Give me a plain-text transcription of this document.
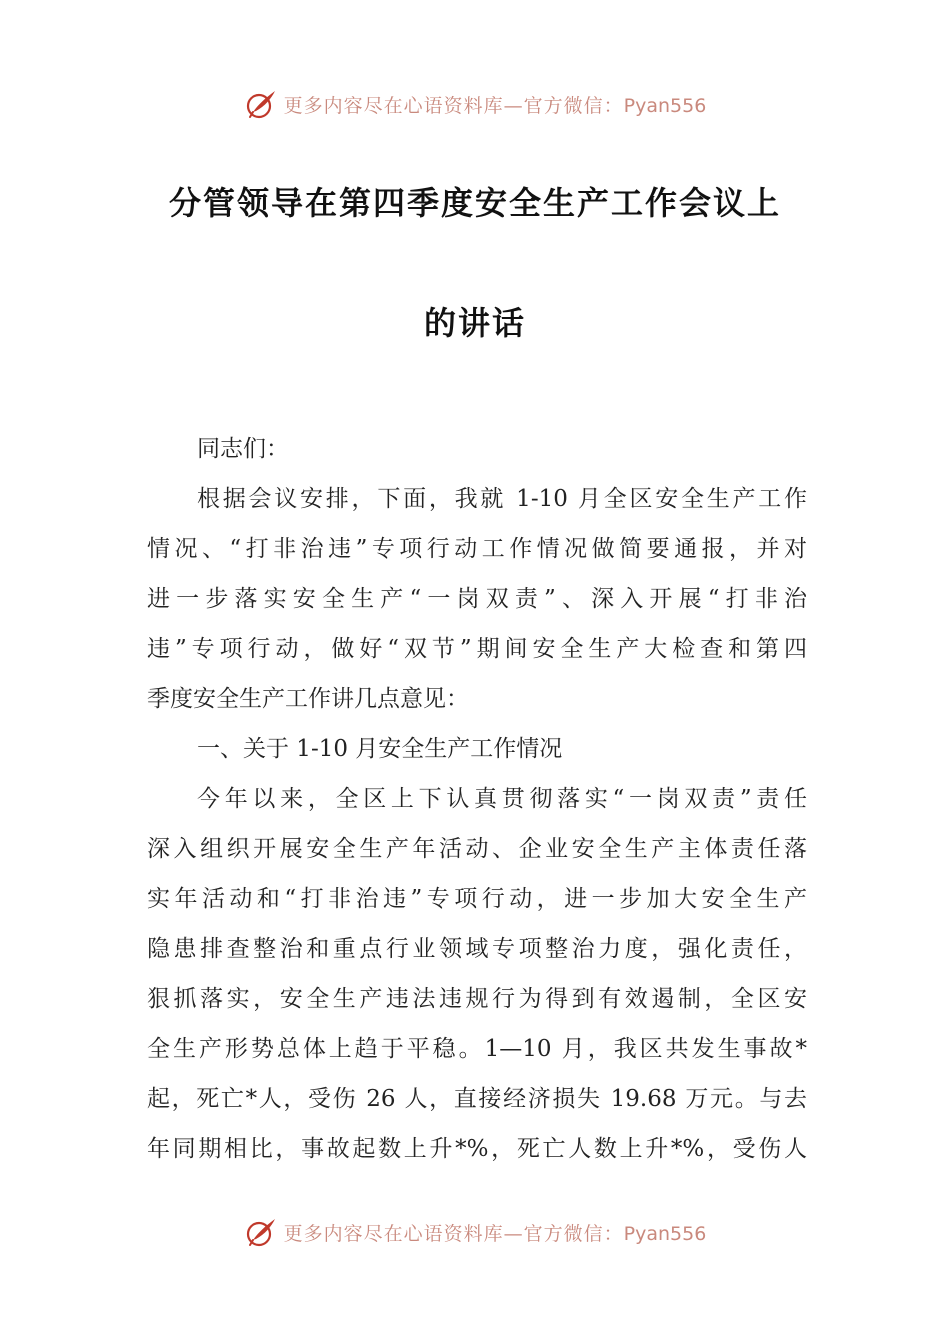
更多内容尽在心语资料库—官方微信：Pyan556
分管领导在第四季度安全生产工作会议上
的讲话
同志们：
根据会议安排，下面，我就 1-10 月全区安全生产工作
情况、“打非治违”专项行动工作情况做简要通报，并对
进一步落实安全生产“一岗双责”、深入开展“打非治
违”专项行动，做好“双节”期间安全生产大检查和第四
季度安全生产工作讲几点意见：
一、关于 1-10 月安全生产工作情况
今年以来，全区上下认真贯彻落实“一岗双责”责任
深入组织开展安全生产年活动、企业安全生产主体责任落
实年活动和“打非治违”专项行动，进一步加大安全生产
隐患排查整治和重点行业领域专项整治力度，强化责任，
狠抓落实，安全生产违法违规行为得到有效遏制，全区安
全生产形势总体上趋于平稳。1—10 月，我区共发生事故*
起，死亡*人，受伤 26 人，直接经济损失 19.68 万元。与去
年同期相比，事故起数上升*%，死亡人数上升*%，受伤人
更多内容尽在心语资料库—官方微信：Pyan556
